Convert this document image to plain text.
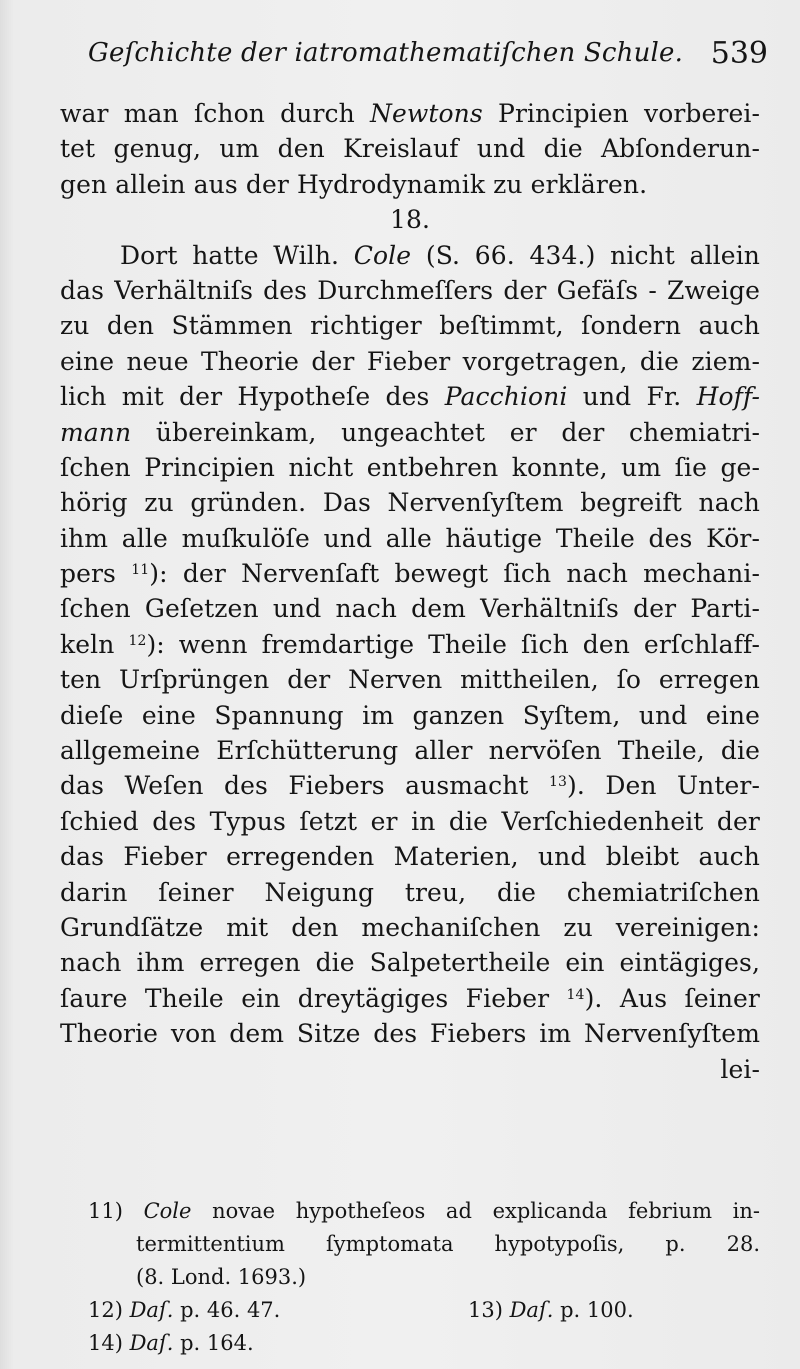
Geſchichte der iatromathematiſchen Schule. 539
war man ſchon durch Newtons Principien vorberei-
tet genug, um den Kreislauf und die Abſonderun-
gen allein aus der Hydrodynamik zu erklären.
18.
Dort hatte Wilh. Cole (S. 66. 434.) nicht allein
das Verhältniſs des Durchmeſſers der Gefäſs - Zweige
zu den Stämmen richtiger beſtimmt, ſondern auch
eine neue Theorie der Fieber vorgetragen, die ziem-
lich mit der Hypotheſe des Pacchioni und Fr. Hoff-
mann übereinkam, ungeachtet er der chemiatri-
ſchen Principien nicht entbehren konnte, um ſie ge-
hörig zu gründen. Das Nervenſyſtem begreift nach
ihm alle muſkulöſe und alle häutige Theile des Kör-
pers $^{11}$): der Nervenſaft bewegt ſich nach mechani-
ſchen Geſetzen und nach dem Verhältniſs der Parti-
keln $^{12}$): wenn fremdartige Theile ſich den erſchlaff-
ten Urſprüngen der Nerven mittheilen, ſo erregen
dieſe eine Spannung im ganzen Syſtem, und eine
allgemeine Erſchütterung aller nervöſen Theile, die
das Weſen des Fiebers ausmacht $^{13}$). Den Unter-
ſchied des Typus ſetzt er in die Verſchiedenheit der
das Fieber erregenden Materien, und bleibt auch
darin ſeiner Neigung treu, die chemiatriſchen
Grundſätze mit den mechaniſchen zu vereinigen:
nach ihm erregen die Salpetertheile ein eintägiges,
ſaure Theile ein dreytägiges Fieber $^{14}$). Aus ſeiner
Theorie von dem Sitze des Fiebers im Nervenſyſtem
lei-
11) Cole novae hypotheſeos ad explicanda febrium in-
termittentium ſymptomata hypotypoſis, p. 28.
(8. Lond. 1693.)
12) Daſ. p. 46. 47.	13) Daſ. p. 100.
14) Daſ. p. 164.
